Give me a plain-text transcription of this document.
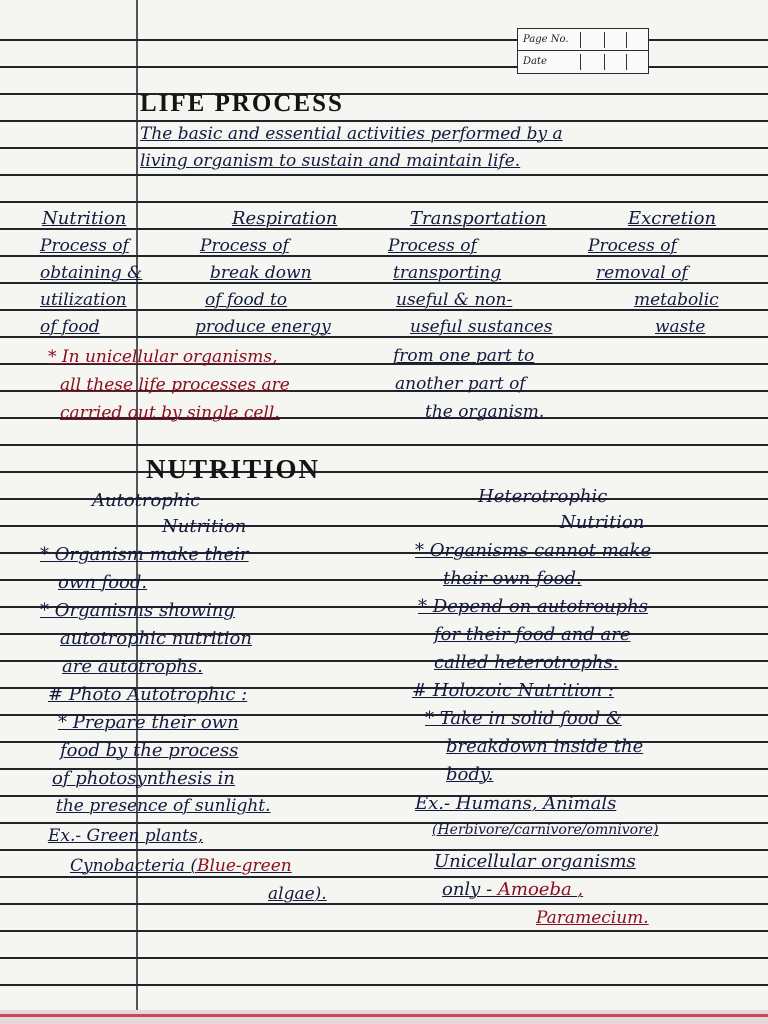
Page No.
Date
LIFE PROCESS
The basic and essential activities performed by a
living organism to sustain and maintain life.
Nutrition
Process of
obtaining &
utilization
of food
Respiration
Process of
break down
of food to
produce energy
Transportation
Process of
transporting
useful & non-
useful sustances
from one part to
another part of
the organism.
Excretion
Process of
removal of
metabolic
waste
* In unicellular organisms,
all these life processes are
carried out by single cell.
NUTRITION
Autotrophic
Nutrition
* Organism make their
own food.
* Organisms showing
autotrophic nutrition
are autotrophs.
# Photo Autotrophic :
* Prepare their own
food by the process
of photosynthesis in
the presence of sunlight.
Ex.- Green plants,
Cynobacteria (Blue-green
algae).
Heterotrophic
Nutrition
* Organisms cannot make
their own food.
* Depend on autotrouphs
for their food and are
called heterotrophs.
# Holozoic Nutrition :
* Take in solid food &
breakdown inside the
body.
Ex.- Humans, Animals
(Herbivore/carnivore/omnivore)
Unicellular organisms
only - Amoeba ,
Paramecium.
